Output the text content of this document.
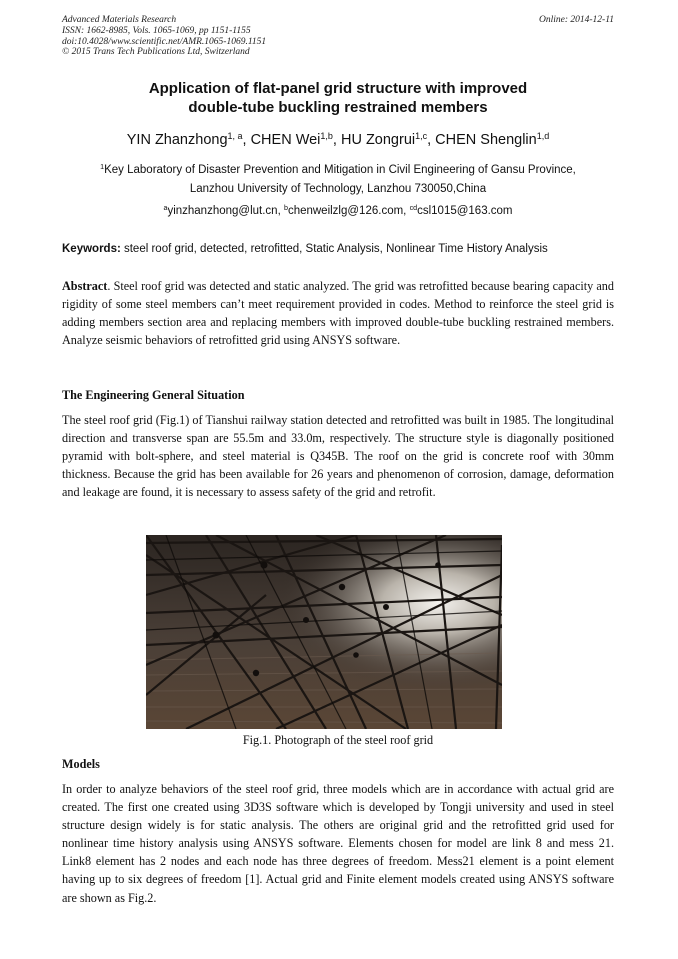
Advanced Materials Research
ISSN: 1662-8985, Vols. 1065-1069, pp 1151-1155
doi:10.4028/www.scientific.net/AMR.1065-1069.1151
© 2015 Trans Tech Publications Ltd, Switzerland
Online: 2014-12-11
Application of flat-panel grid structure with improved
double-tube buckling restrained members
YIN Zhanzhong$^{1, a}$, CHEN Wei$^{1,b}$, HU Zongrui$^{1,c}$, CHEN Shenglin$^{1,d}$
$^1$Key Laboratory of Disaster Prevention and Mitigation in Civil Engineering of Gansu Province,
Lanzhou University of Technology, Lanzhou 730050,China
$^a$yinzhanzhong@lut.cn, $^b$chenweilzlg@126.com, $^{cd}$csl1015@163.com
Keywords: steel roof grid, detected, retrofitted, Static Analysis, Nonlinear Time History Analysis
Abstract. Steel roof grid was detected and static analyzed. The grid was retrofitted because bearing capacity and rigidity of some steel members can’t meet requirement provided in codes. Method to reinforce the steel grid is adding members section area and replacing members with improved double-tube buckling restrained members. Analyze seismic behaviors of retrofitted grid using ANSYS software.
The Engineering General Situation
The steel roof grid (Fig.1) of Tianshui railway station detected and retrofitted was built in 1985. The longitudinal direction and transverse span are 55.5m and 33.0m, respectively. The structure style is diagonally positioned pyramid with bolt-sphere, and steel material is Q345B. The roof on the grid is concrete roof with 30mm thickness. Because the grid has been available for 26 years and phenomenon of corrosion, damage, deformation and leakage are found, it is necessary to assess safety of the grid and retrofit.
Fig.1. Photograph of the steel roof grid
Models
In order to analyze behaviors of the steel roof grid, three models which are in accordance with actual grid are created. The first one created using 3D3S software which is developed by Tongji university and used in steel structure design widely is for static analysis. The others are original grid and the retrofitted grid used for nonlinear time history analysis using ANSYS software. Elements chosen for model are link 8 and mess 21. Link8 element has 2 nodes and each node has three degrees of freedom. Mess21 element is a point element having up to six degrees of freedom [1]. Actual grid and Finite element models created using ANSYS software are shown as Fig.2.
